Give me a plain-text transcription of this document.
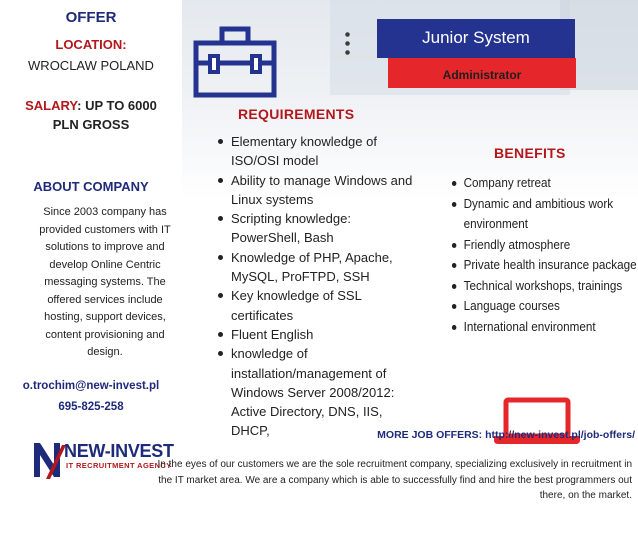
OFFER
LOCATION:
WROCLAW POLAND
SALARY: UP TO 6000
PLN GROSS
ABOUT COMPANY
Since 2003 company has provided customers with IT solutions to improve and develop Online Centric messaging systems. The offered services include hosting, support devices, content provisioning and design.
o.trochim@new-invest.pl
695-825-258
NEW-INVEST
IT RECRUITMENT AGENCY
Junior System
Administrator
REQUIREMENTS
Elementary knowledge of ISO/OSI model
Ability to manage Windows and Linux systems
Scripting knowledge: PowerShell, Bash
Knowledge of PHP, Apache, MySQL, ProFTPD, SSH
Key knowledge of SSL certificates
Fluent English
knowledge of installation/management of Windows Server 2008/2012: Active Directory, DNS, IIS, DHCP,
BENEFITS
Company retreat
Dynamic and ambitious work environment
Friendly atmosphere
Private health insurance package
Technical workshops, trainings
Language courses
International environment
MORE JOB OFFERS: http://new-invest.pl/job-offers/
In the eyes of our customers we are the sole recruitment company, specializing exclusively in recruitment in the IT market area. We are a company which is able to successfully find and hire the best programmers out there, on the market.
